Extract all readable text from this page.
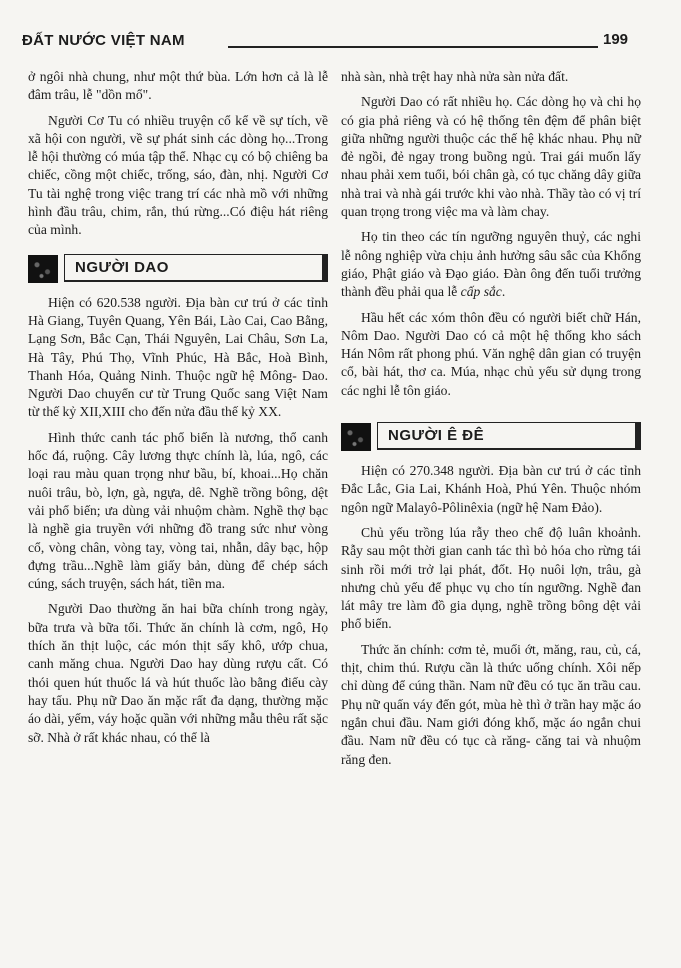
ĐẤT NƯỚC VIỆT NAM	199

ở ngôi nhà chung, như một thứ bùa. Lớn hơn cả là lễ đâm trâu, lễ "dồn mổ".

Người Cơ Tu có nhiều truyện cổ kể về sự tích, về xã hội con người, về sự phát sinh các dòng họ...Trong lễ hội thường có múa tập thể. Nhạc cụ có bộ chiêng ba chiếc, cồng một chiếc, trống, sáo, đàn, nhị. Người Cơ Tu tài nghệ trong việc trang trí các nhà mồ với những hình đầu trâu, chim, rắn, thú rừng...Có điệu hát riêng của mình.

NGƯỜI DAO

Hiện có 620.538 người. Địa bàn cư trú ở các tỉnh Hà Giang, Tuyên Quang, Yên Bái, Lào Cai, Cao Bằng, Lạng Sơn, Bắc Cạn, Thái Nguyên, Lai Châu, Sơn La, Hà Tây, Phú Thọ, Vĩnh Phúc, Hà Bắc, Hoà Bình, Thanh Hóa, Quảng Ninh. Thuộc ngữ hệ Mông- Dao. Người Dao chuyển cư từ Trung Quốc sang Việt Nam từ thế kỷ XII,XIII cho đến nửa đầu thế kỷ XX.

Hình thức canh tác phổ biến là nương, thổ canh hốc đá, ruộng. Cây lương thực chính là, lúa, ngô, các loại rau màu quan trọng như bầu, bí, khoai...Họ chăn nuôi trâu, bò, lợn, gà, ngựa, dê. Nghề trồng bông, dệt vải phổ biến; ưa dùng vải nhuộm chàm. Nghề thợ bạc là nghề gia truyền với những đồ trang sức như vòng cổ, vòng chân, vòng tay, vòng tai, nhẫn, dây bạc, hộp đựng trầu...Nghề làm giấy bản, dùng để chép sách cúng, sách truyện, sách hát, tiền ma.

Người Dao thường ăn hai bữa chính trong ngày, bữa trưa và bữa tối. Thức ăn chính là cơm, ngô, Họ thích ăn thịt luộc, các món thịt sấy khô, ướp chua, canh măng chua. Người Dao hay dùng rượu cất. Có thói quen hút thuốc lá và hút thuốc lào bằng điếu cày hay tẩu. Phụ nữ Dao ăn mặc rất đa dạng, thường mặc áo dài, yếm, váy hoặc quần với những mẫu thêu rất sặc sỡ. Nhà ở rất khác nhau, có thể là

nhà sàn, nhà trệt hay nhà nửa sàn nửa đất.

Người Dao có rất nhiều họ. Các dòng họ và chi họ có gia phả riêng và có hệ thống tên đệm để phân biệt giữa những người thuộc các thế hệ khác nhau. Phụ nữ đẻ ngồi, đẻ ngay trong buồng ngủ. Trai gái muốn lấy nhau phải xem tuổi, bói chân gà, có tục chăng dây giữa nhà trai và nhà gái trước khi vào nhà. Thầy tào có vị trí quan trọng trong việc ma và làm chay.

Họ tin theo các tín ngưỡng nguyên thuỷ, các nghi lễ nông nghiệp vừa chịu ảnh hưởng sâu sắc của Khổng giáo, Phật giáo và Đạo giáo. Đàn ông đến tuổi trưởng thành đều phải qua lễ cấp sắc.

Hầu hết các xóm thôn đều có người biết chữ Hán, Nôm Dao. Người Dao có cả một hệ thống kho sách Hán Nôm rất phong phú. Văn nghệ dân gian có truyện cổ, bài hát, thơ ca. Múa, nhạc chủ yếu sử dụng trong các nghi lễ tôn giáo.

NGƯỜI Ê ĐÊ

Hiện có 270.348 người. Địa bàn cư trú ở các tỉnh Đắc Lắc, Gia Lai, Khánh Hoà, Phú Yên. Thuộc nhóm ngôn ngữ Malayô-Pôlinêxia (ngữ hệ Nam Đảo).

Chủ yếu trồng lúa rẫy theo chế độ luân khoảnh. Rẫy sau một thời gian canh tác thì bỏ hóa cho rừng tái sinh rồi mới trở lại phát, đốt. Họ nuôi lợn, trâu, gà nhưng chủ yếu để phục vụ cho tín ngưỡng. Nghề đan lát mây tre làm đồ gia dụng, nghề trồng bông dệt vải phổ biến.

Thức ăn chính: cơm tẻ, muối ớt, măng, rau, củ, cá, thịt, chim thú. Rượu cần là thức uống chính. Xôi nếp chỉ dùng để cúng thần. Nam nữ đều có tục ăn trầu cau. Phụ nữ quấn váy đến gót, mùa hè thì ở trần hay mặc áo ngắn chui đầu. Nam giới đóng khố, mặc áo ngắn chui đầu. Nam nữ đều có tục cà răng- căng tai và nhuộm răng đen.
